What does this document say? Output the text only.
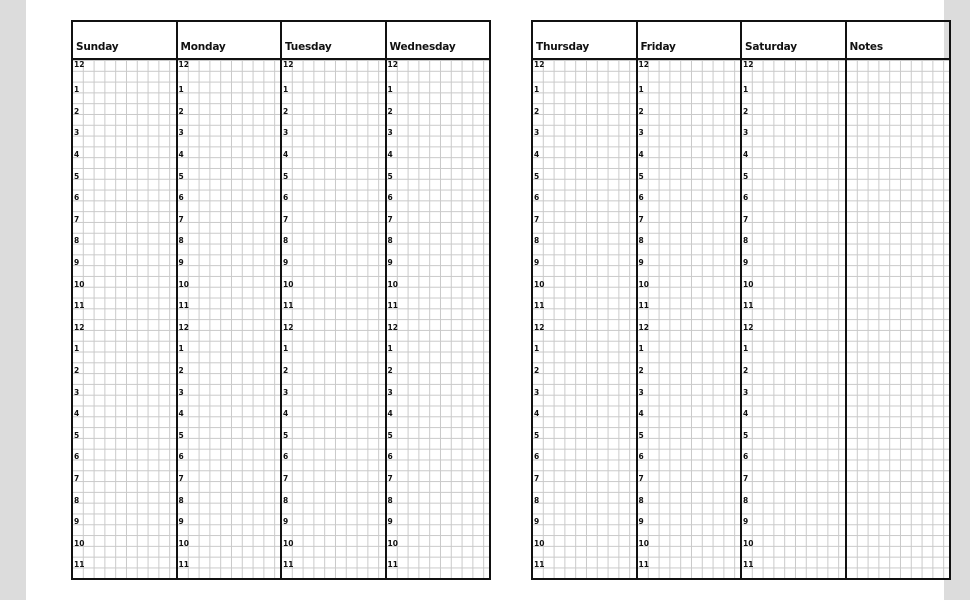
Sunday
12
1
2
3
4
5
6
7
8
9
10
11
12
1
2
3
4
5
6
7
8
9
10
11
Monday
12
1
2
3
4
5
6
7
8
9
10
11
12
1
2
3
4
5
6
7
8
9
10
11
Tuesday
12
1
2
3
4
5
6
7
8
9
10
11
12
1
2
3
4
5
6
7
8
9
10
11
Wednesday
12
1
2
3
4
5
6
7
8
9
10
11
12
1
2
3
4
5
6
7
8
9
10
11
Thursday
12
1
2
3
4
5
6
7
8
9
10
11
12
1
2
3
4
5
6
7
8
9
10
11
Friday
12
1
2
3
4
5
6
7
8
9
10
11
12
1
2
3
4
5
6
7
8
9
10
11
Saturday
12
1
2
3
4
5
6
7
8
9
10
11
12
1
2
3
4
5
6
7
8
9
10
11
Notes
